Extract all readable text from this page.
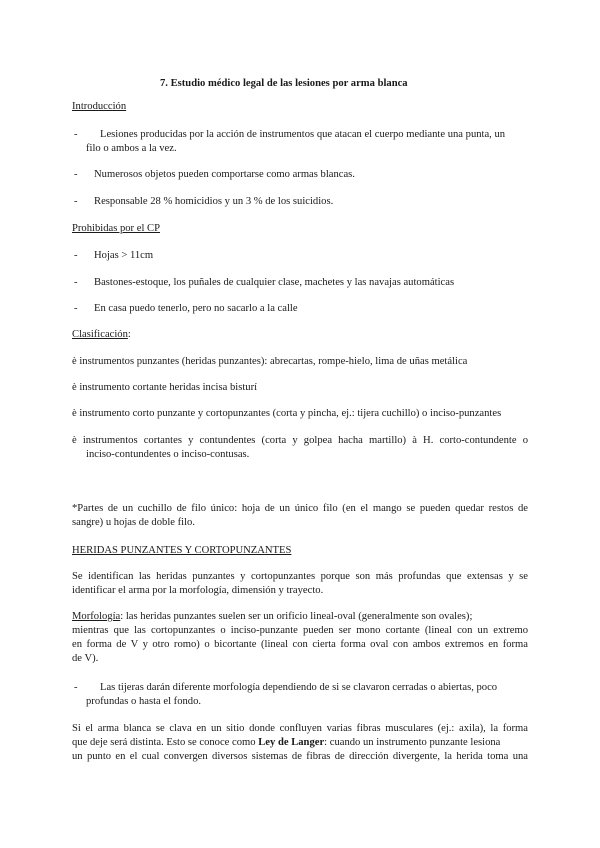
7. Estudio médico legal de las lesiones por arma blanca
Introducción
- Lesiones producidas por la acción de instrumentos que atacan el cuerpo mediante una punta, un
filo o ambos a la vez.
- Numerosos objetos pueden comportarse como armas blancas.
- Responsable 28 % homicidios y un 3 % de los suicidios.
Prohibidas por el CP
- Hojas > 11cm
- Bastones-estoque, los puñales de cualquier clase, machetes y las navajas automáticas
- En casa puedo tenerlo, pero no sacarlo a la calle
Clasificación:
è instrumentos punzantes (heridas punzantes): abrecartas, rompe-hielo, lima de uñas metálica
è instrumento cortante heridas incisa bisturí
è instrumento corto punzante y cortopunzantes (corta y pincha, ej.: tijera cuchillo) o inciso-punzantes
è instrumentos cortantes y contundentes (corta y golpea hacha martillo) à H. corto-contundente o
inciso-contundentes o inciso-contusas.
*Partes de un cuchillo de filo único: hoja de un único filo (en el mango se pueden quedar restos de
sangre) u hojas de doble filo.
HERIDAS PUNZANTES Y CORTOPUNZANTES
Se identifican las heridas punzantes y cortopunzantes porque son más profundas que extensas y se
identificar el arma por la morfología, dimensión y trayecto.
Morfología: las heridas punzantes suelen ser un orificio lineal-oval (generalmente son ovales);
mientras que las cortopunzantes o inciso-punzante pueden ser mono cortante (lineal con un extremo
en forma de V y otro romo) o bicortante (lineal con cierta forma oval con ambos extremos en forma
de V).
- Las tijeras darán diferente morfología dependiendo de si se clavaron cerradas o abiertas, poco
profundas o hasta el fondo.
Si el arma blanca se clava en un sitio donde confluyen varias fibras musculares (ej.: axila), la forma
que deje será distinta. Esto se conoce como Ley de Langer: cuando un instrumento punzante lesiona
un punto en el cual convergen diversos sistemas de fibras de dirección divergente, la herida toma una
